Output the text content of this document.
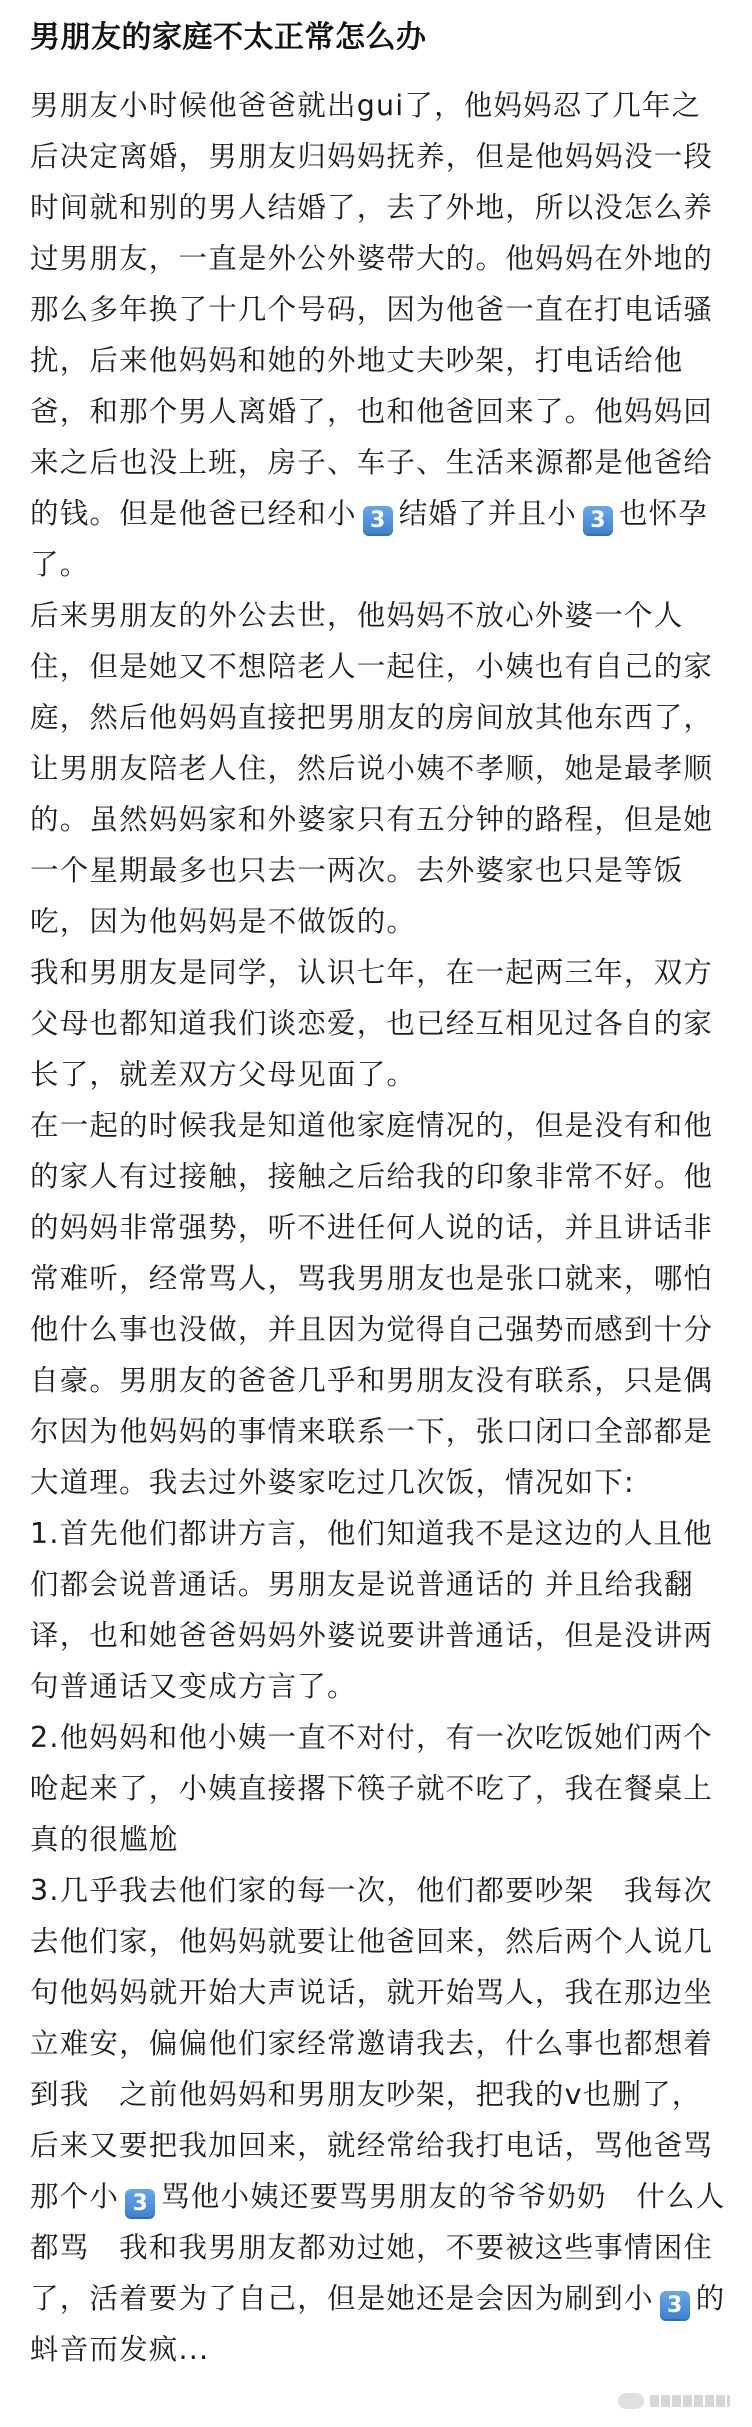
男朋友的家庭不太正常怎么办

男朋友小时候他爸爸就出gui了，他妈妈忍了几年之后决定离婚，男朋友归妈妈抚养，但是他妈妈没一段时间就和别的男人结婚了，去了外地，所以没怎么养过男朋友，一直是外公外婆带大的。他妈妈在外地的那么多年换了十几个号码，因为他爸一直在打电话骚扰，后来他妈妈和她的外地丈夫吵架，打电话给他爸，和那个男人离婚了，也和他爸回来了。他妈妈回来之后也没上班，房子、车子、生活来源都是他爸给的钱。但是他爸已经和小 3 结婚了并且小 3 也怀孕了。

后来男朋友的外公去世，他妈妈不放心外婆一个人住，但是她又不想陪老人一起住，小姨也有自己的家庭，然后他妈妈直接把男朋友的房间放其他东西了，让男朋友陪老人住，然后说小姨不孝顺，她是最孝顺的。虽然妈妈家和外婆家只有五分钟的路程，但是她一个星期最多也只去一两次。去外婆家也只是等饭吃，因为他妈妈是不做饭的。

我和男朋友是同学，认识七年，在一起两三年，双方父母也都知道我们谈恋爱，也已经互相见过各自的家长了，就差双方父母见面了。

在一起的时候我是知道他家庭情况的，但是没有和他的家人有过接触，接触之后给我的印象非常不好。他的妈妈非常强势，听不进任何人说的话，并且讲话非常难听，经常骂人，骂我男朋友也是张口就来，哪怕他什么事也没做，并且因为觉得自己强势而感到十分自豪。男朋友的爸爸几乎和男朋友没有联系，只是偶尔因为他妈妈的事情来联系一下，张口闭口全部都是大道理。我去过外婆家吃过几次饭，情况如下:

1.首先他们都讲方言，他们知道我不是这边的人且他们都会说普通话。男朋友是说普通话的 并且给我翻译，也和她爸爸妈妈外婆说要讲普通话，但是没讲两句普通话又变成方言了。

2.他妈妈和他小姨一直不对付，有一次吃饭她们两个呛起来了，小姨直接撂下筷子就不吃了，我在餐桌上真的很尴尬

3.几乎我去他们家的每一次，他们都要吵架　我每次去他们家，他妈妈就要让他爸回来，然后两个人说几句他妈妈就开始大声说话，就开始骂人，我在那边坐立难安，偏偏他们家经常邀请我去，什么事也都想着到我　之前他妈妈和男朋友吵架，把我的v也删了，后来又要把我加回来，就经常给我打电话，骂他爸骂那个小 3 骂他小姨还要骂男朋友的爷爷奶奶　什么人都骂　我和我男朋友都劝过她，不要被这些事情困住了，活着要为了自己，但是她还是会因为刷到小 3 的蚪音而发疯...
